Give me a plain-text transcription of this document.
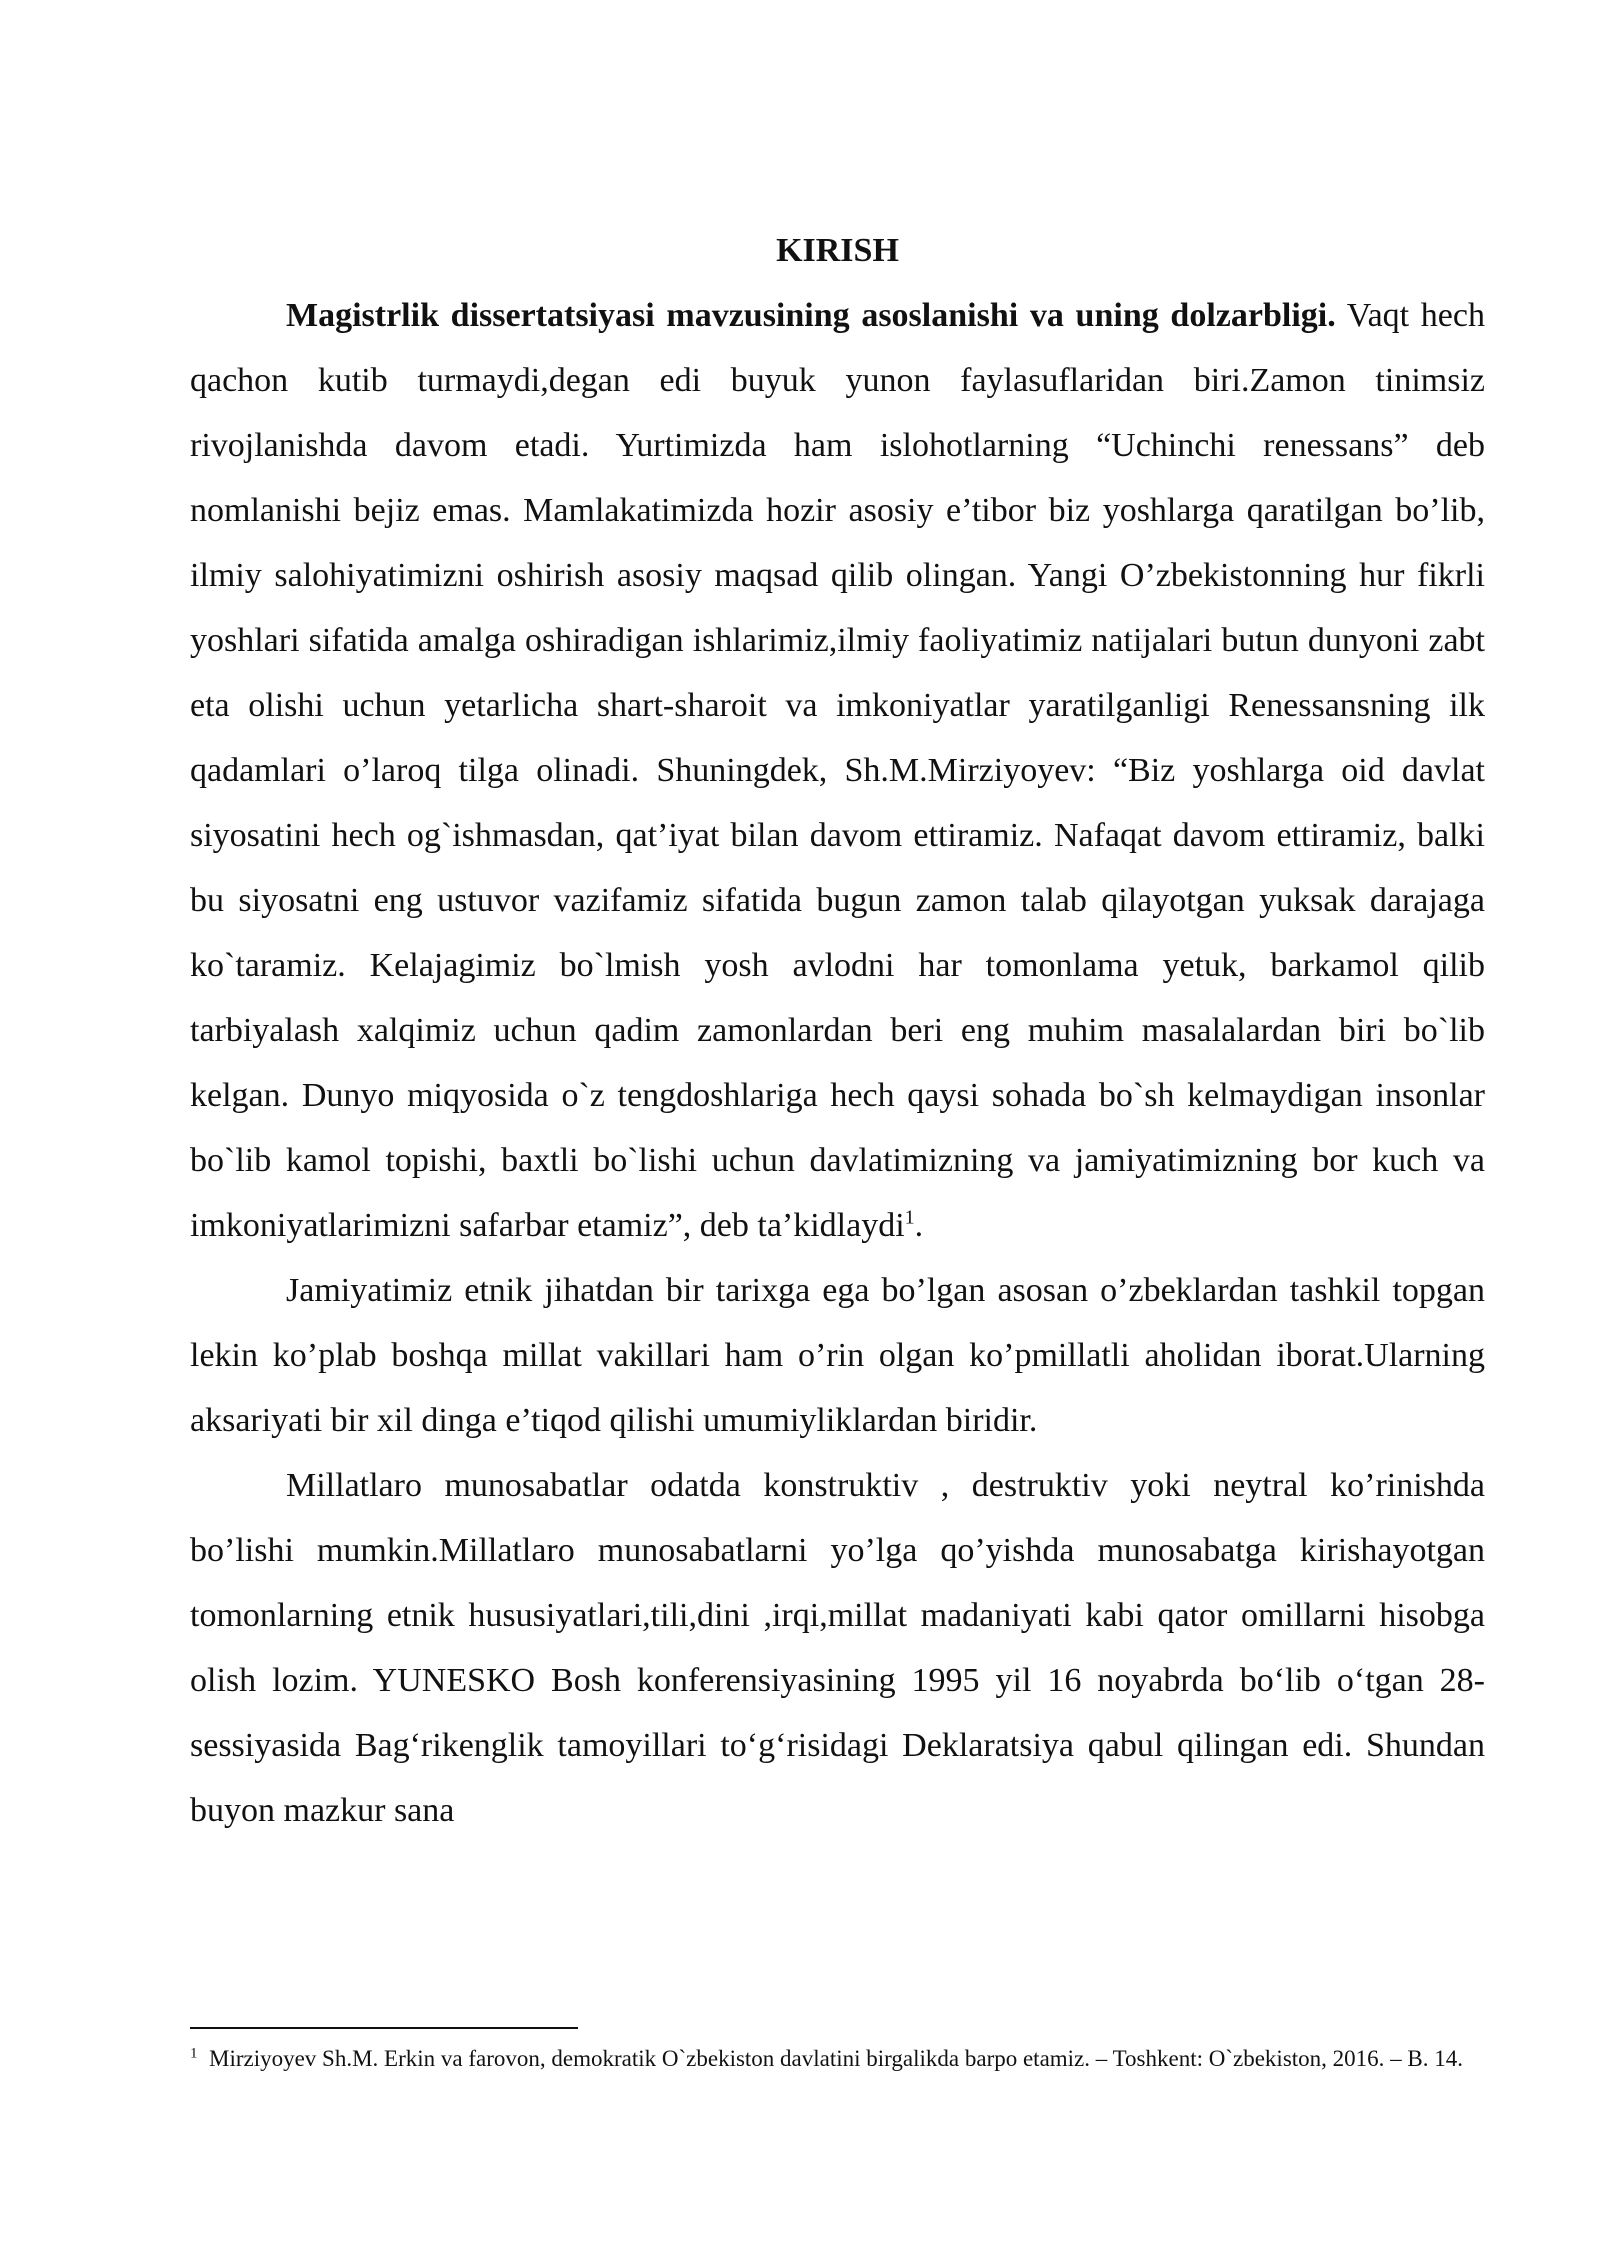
KIRISH

Magistrlik dissertatsiyasi mavzusining asoslanishi va uning dolzarbligi. Vaqt hech qachon kutib turmaydi,degan edi buyuk yunon faylasuflaridan biri.Zamon tinimsiz rivojlanishda davom etadi. Yurtimizda ham islohotlarning “Uchinchi renessans” deb nomlanishi bejiz emas. Mamlakatimizda hozir asosiy e’tibor biz yoshlarga qaratilgan bo’lib, ilmiy salohiyatimizni oshirish asosiy maqsad qilib olingan. Yangi O’zbekistonning hur fikrli yoshlari sifatida amalga oshiradigan ishlarimiz,ilmiy faoliyatimiz natijalari butun dunyoni zabt eta olishi uchun yetarlicha shart-sharoit va imkoniyatlar yaratilganligi Renessansning ilk qadamlari o’laroq tilga olinadi. Shuningdek, Sh.M.Mirziyoyev: “Biz yoshlarga oid davlat siyosatini hech og`ishmasdan, qat’iyat bilan davom ettiramiz. Nafaqat davom ettiramiz, balki bu siyosatni eng ustuvor vazifamiz sifatida bugun zamon talab qilayotgan yuksak darajaga ko`taramiz. Kelajagimiz bo`lmish yosh avlodni har tomonlama yetuk, barkamol qilib tarbiyalash xalqimiz uchun qadim zamonlardan beri eng muhim masalalardan biri bo`lib kelgan. Dunyo miqyosida o`z tengdoshlariga hech qaysi sohada bo`sh kelmaydigan insonlar bo`lib kamol topishi, baxtli bo`lishi uchun davlatimizning va jamiyatimizning bor kuch va imkoniyatlarimizni safarbar etamiz”, deb ta’kidlaydi$^1$.

Jamiyatimiz etnik jihatdan bir tarixga ega bo’lgan asosan o’zbeklardan tashkil topgan lekin ko’plab boshqa millat vakillari ham o’rin olgan ko’pmillatli aholidan iborat.Ularning aksariyati bir xil dinga e’tiqod qilishi umumiyliklardan biridir.

Millatlaro munosabatlar odatda konstruktiv , destruktiv yoki neytral ko’rinishda bo’lishi mumkin.Millatlaro munosabatlarni yo’lga qo’yishda munosabatga kirishayotgan tomonlarning etnik hususiyatlari,tili,dini ,irqi,millat madaniyati kabi qator omillarni hisobga olish lozim. YUNESKO Bosh konferensiyasining 1995 yil 16 noyabrda bo‘lib o‘tgan 28-sessiyasida Bag‘rikenglik tamoyillari to‘g‘risidagi Deklaratsiya qabul qilingan edi. Shundan buyon mazkur sana

$^1$ Mirziyoyev Sh.M. Erkin va farovon, demokratik O`zbekiston davlatini birgalikda barpo etamiz. – Toshkent: O`zbekiston, 2016. – B. 14.
